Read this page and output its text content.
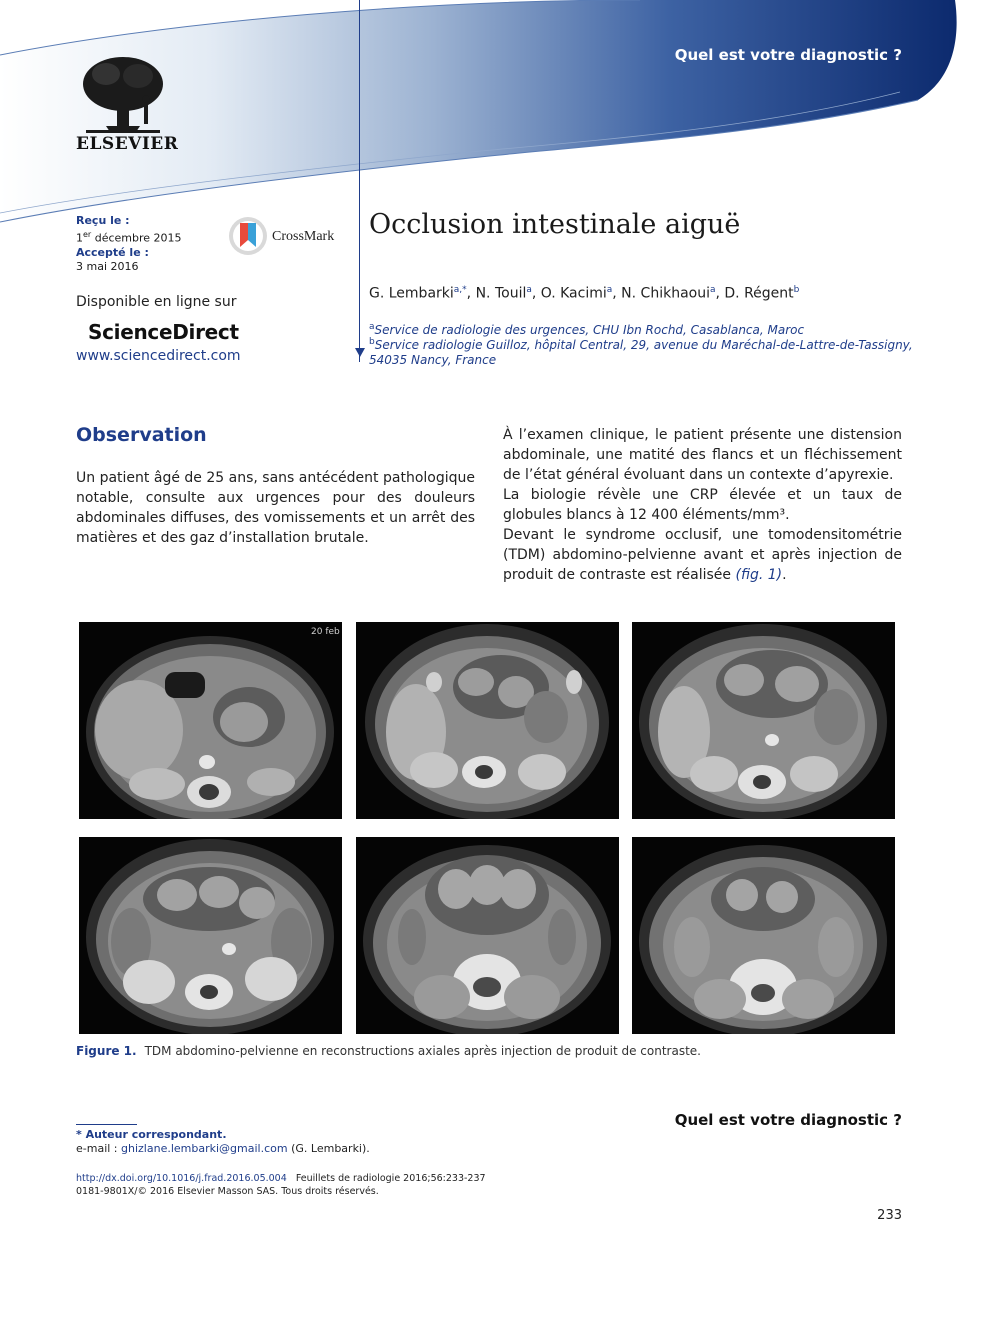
Quel est votre diagnostic ?
ELSEVIER
Reçu le :
1er décembre 2015
Accepté le :
3 mai 2016
CrossMark
Disponible en ligne sur
ScienceDirect
www.sciencedirect.com
Occlusion intestinale aiguë
G. Lembarki$^{a,*}$, N. Touil$^a$, O. Kacimi$^a$, N. Chikhaoui$^a$, D. Régent$^b$
$^a$Service de radiologie des urgences, CHU Ibn Rochd, Casablanca, Maroc
$^b$Service radiologie Guilloz, hôpital Central, 29, avenue du Maréchal-de-Lattre-de-Tassigny,
54035 Nancy, France
Observation

Un patient âgé de 25 ans, sans antécédent pathologique notable, consulte aux urgences pour des douleurs abdominales diffuses, des vomissements et un arrêt des matières et des gaz d’installation brutale.

À l’examen clinique, le patient présente une distension abdominale, une matité des flancs et un fléchissement de l’état général évoluant dans un contexte d’apyrexie.

La biologie révèle une CRP élevée et un taux de globules blancs à 12 400 éléments/mm³.

Devant le syndrome occlusif, une tomodensitométrie (TDM) abdomino-pelvienne avant et après injection de produit de contraste est réalisée (fig. 1).

20 feb
Figure 1. TDM abdomino-pelvienne en reconstructions axiales après injection de produit de contraste.
* Auteur correspondant.
e-mail : ghizlane.lembarki@gmail.com (G. Lembarki).
Quel est votre diagnostic ?
http://dx.doi.org/10.1016/j.frad.2016.05.004 Feuillets de radiologie 2016;56:233-237
0181-9801X/© 2016 Elsevier Masson SAS. Tous droits réservés.
233
